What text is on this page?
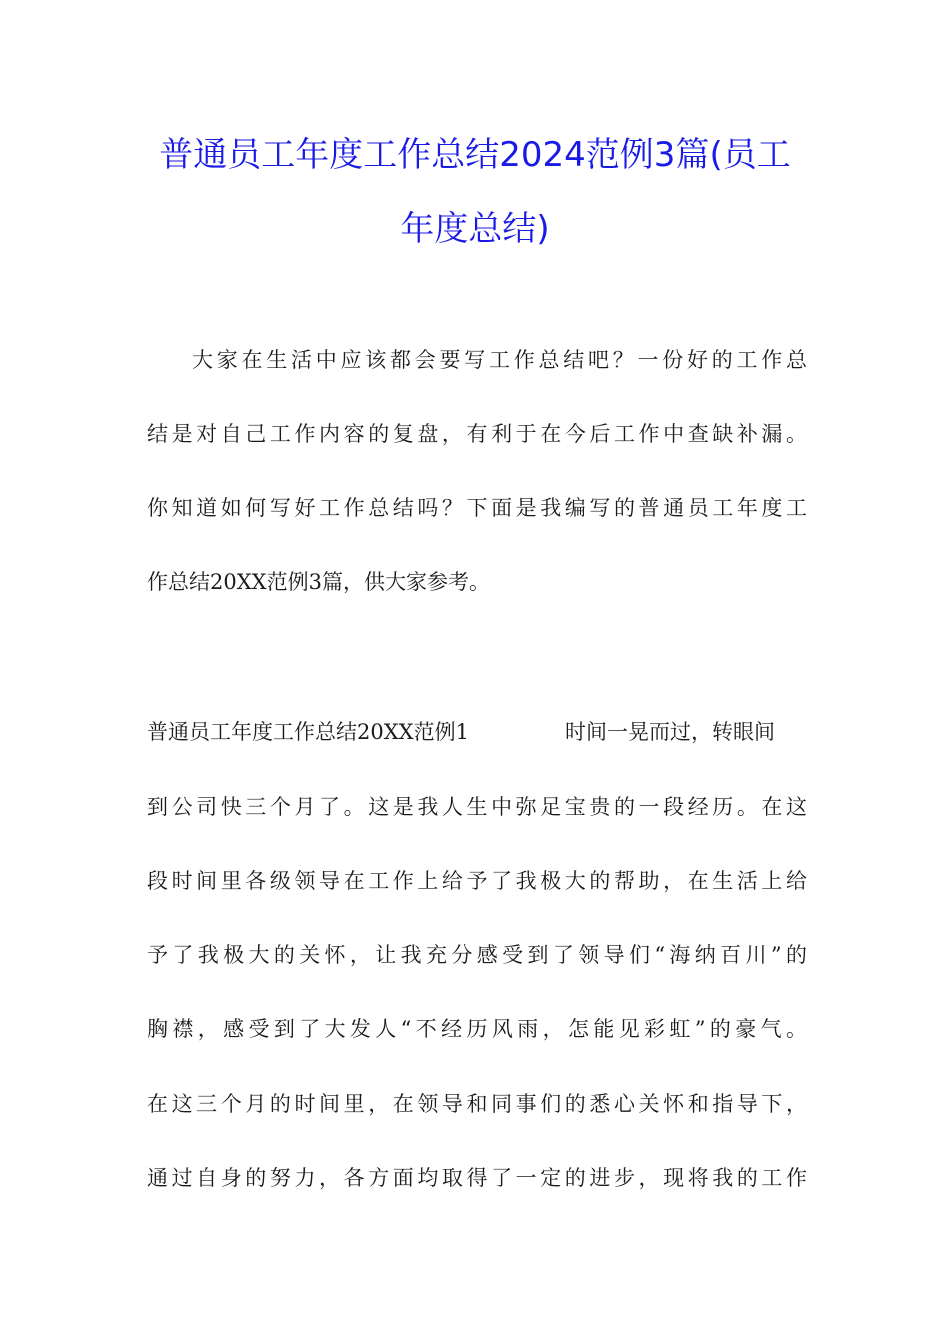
普通员工年度工作总结2024范例3篇(员工
年度总结)

大家在生活中应该都会要写工作总结吧？一份好的工作总

结是对自己工作内容的复盘，有利于在今后工作中查缺补漏。

你知道如何写好工作总结吗？下面是我编写的普通员工年度工

作总结20XX范例3篇，供大家参考。

普通员工年度工作总结20XX范例1	时间一晃而过，转眼间

到公司快三个月了。这是我人生中弥足宝贵的一段经历。在这

段时间里各级领导在工作上给予了我极大的帮助，在生活上给

予了我极大的关怀，让我充分感受到了领导们“海纳百川”的

胸襟，感受到了大发人“不经历风雨，怎能见彩虹”的豪气。

在这三个月的时间里，在领导和同事们的悉心关怀和指导下，

通过自身的努力，各方面均取得了一定的进步，现将我的工作
